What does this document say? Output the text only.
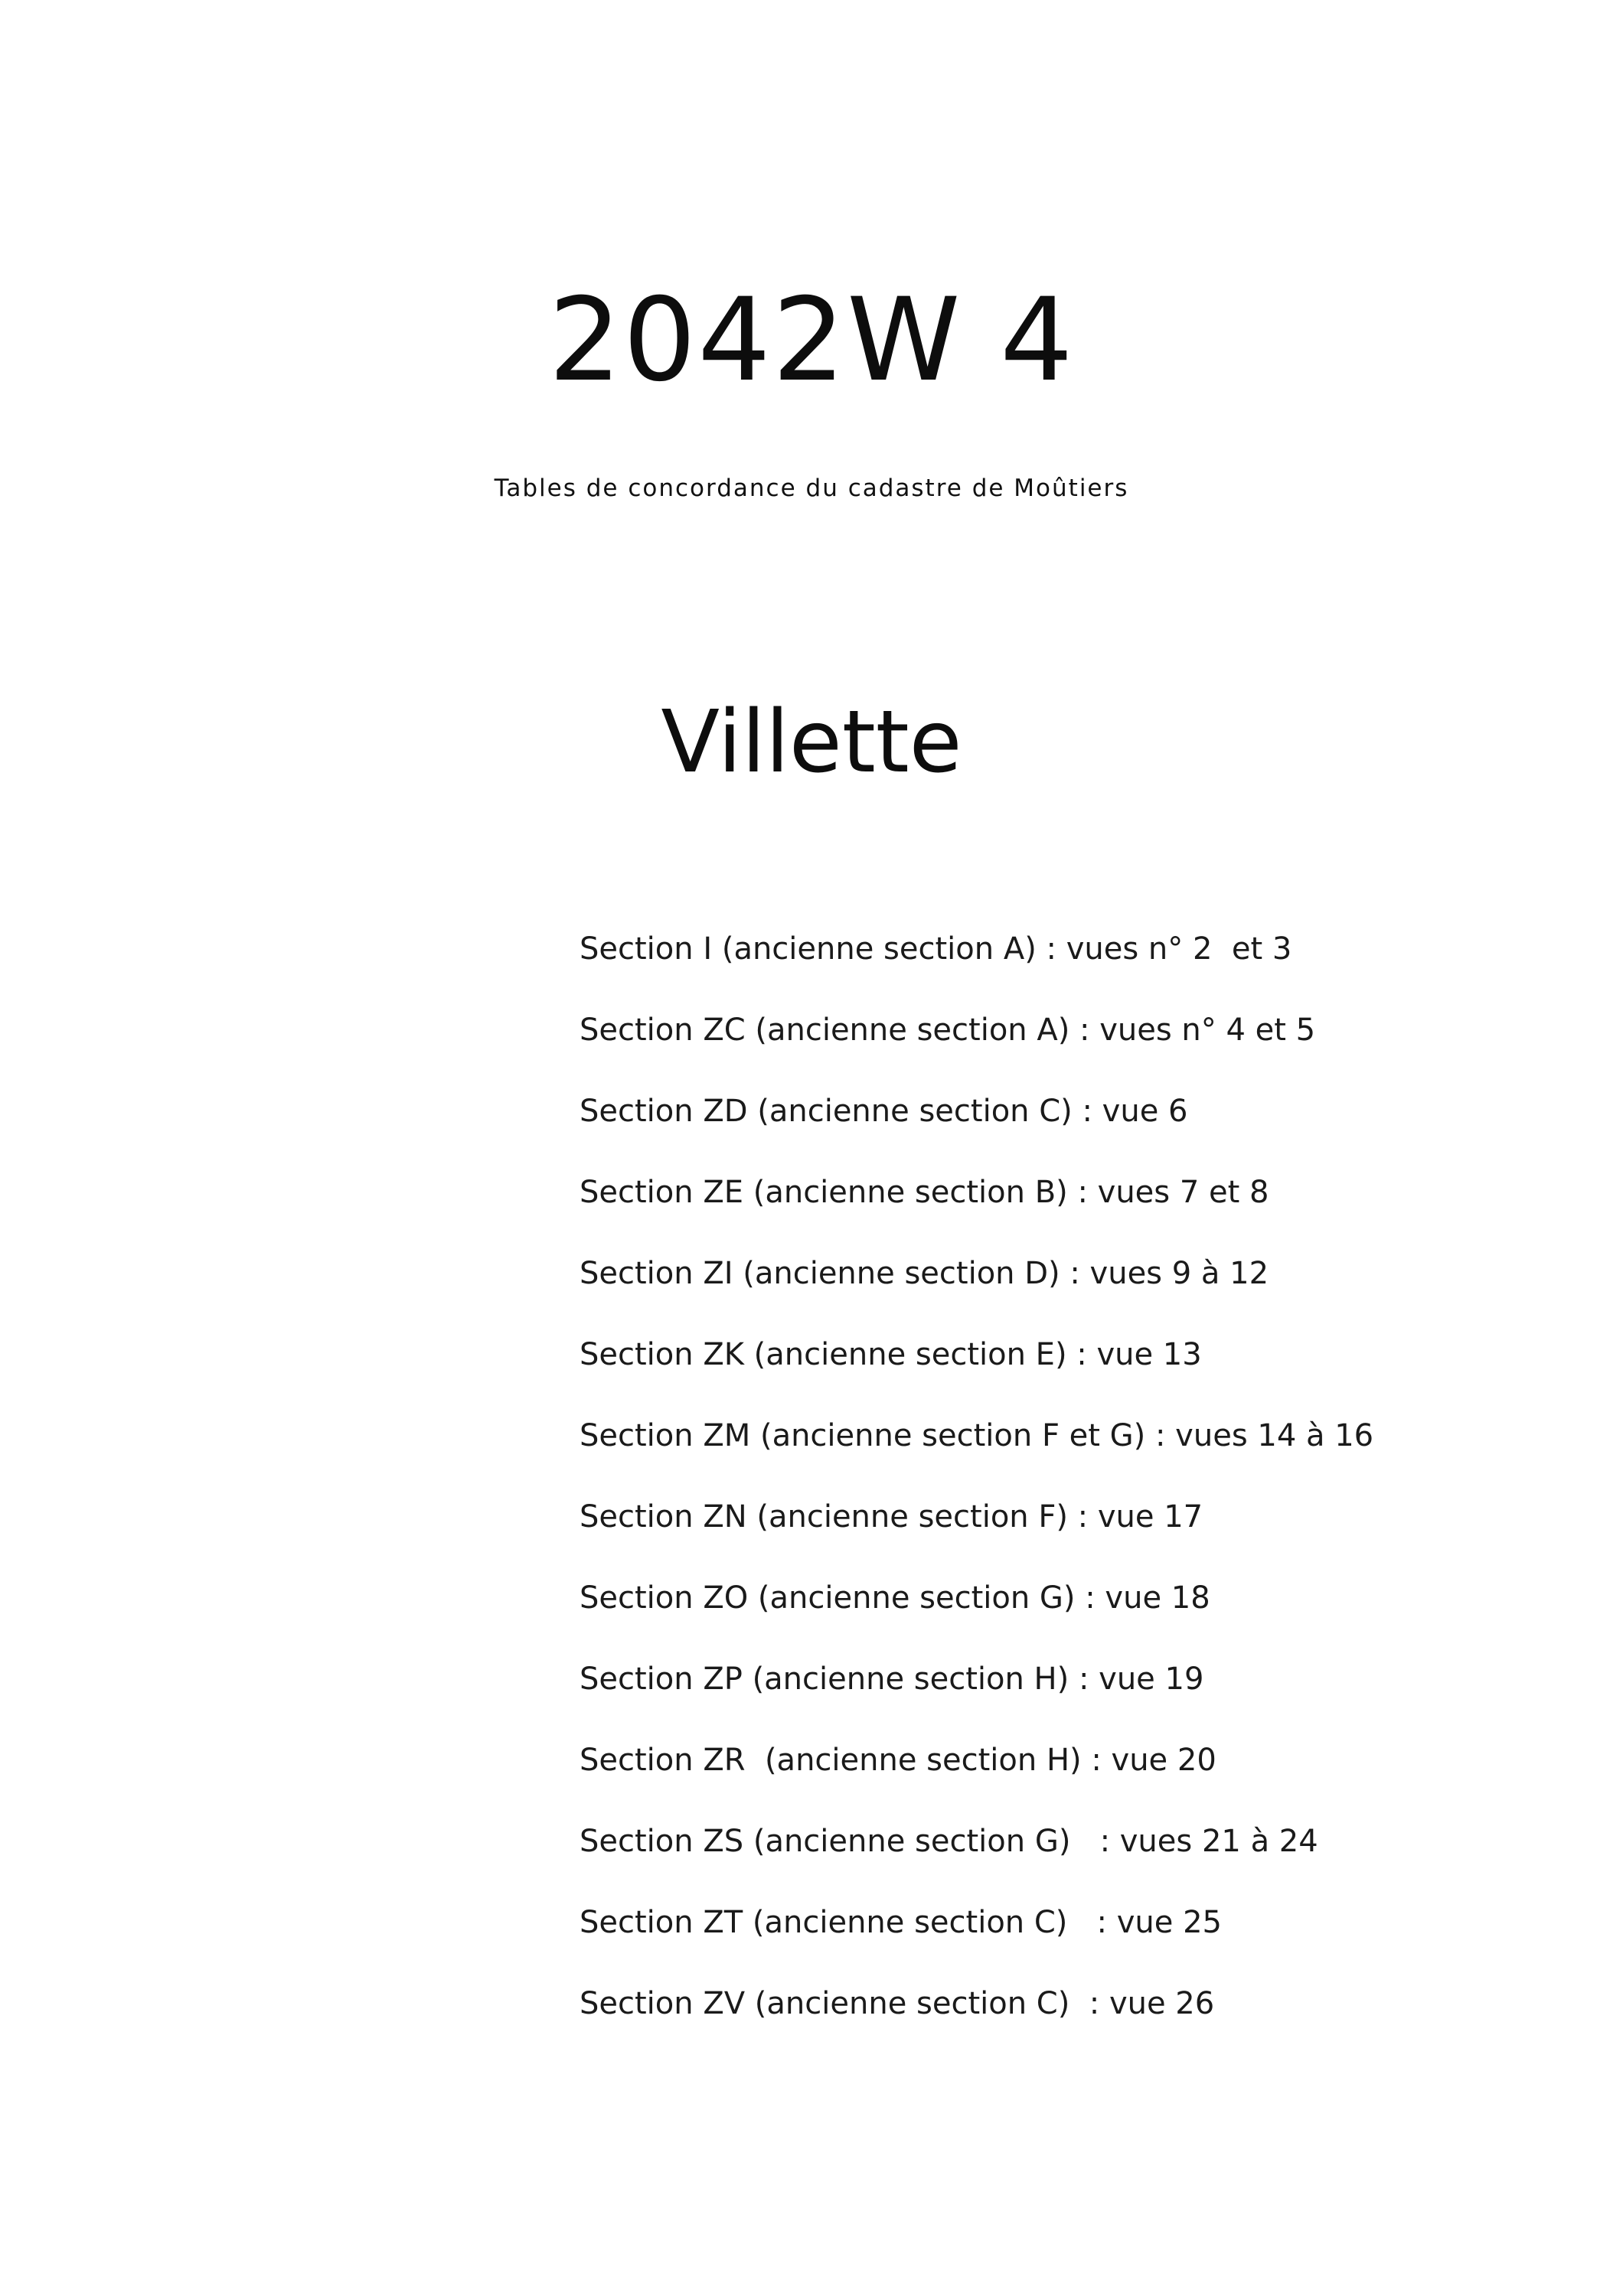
2042W 4
Tables de concordance du cadastre de Moûtiers
Villette
Section I (ancienne section A) : vues n° 2  et 3
Section ZC (ancienne section A) : vues n° 4 et 5
Section ZD (ancienne section C) : vue 6
Section ZE (ancienne section B) : vues 7 et 8
Section ZI (ancienne section D) : vues 9 à 12
Section ZK (ancienne section E) : vue 13
Section ZM (ancienne section F et G) : vues 14 à 16
Section ZN (ancienne section F) : vue 17
Section ZO (ancienne section G) : vue 18
Section ZP (ancienne section H) : vue 19
Section ZR  (ancienne section H) : vue 20
Section ZS (ancienne section G)   : vues 21 à 24
Section ZT (ancienne section C)   : vue 25
Section ZV (ancienne section C)  : vue 26
